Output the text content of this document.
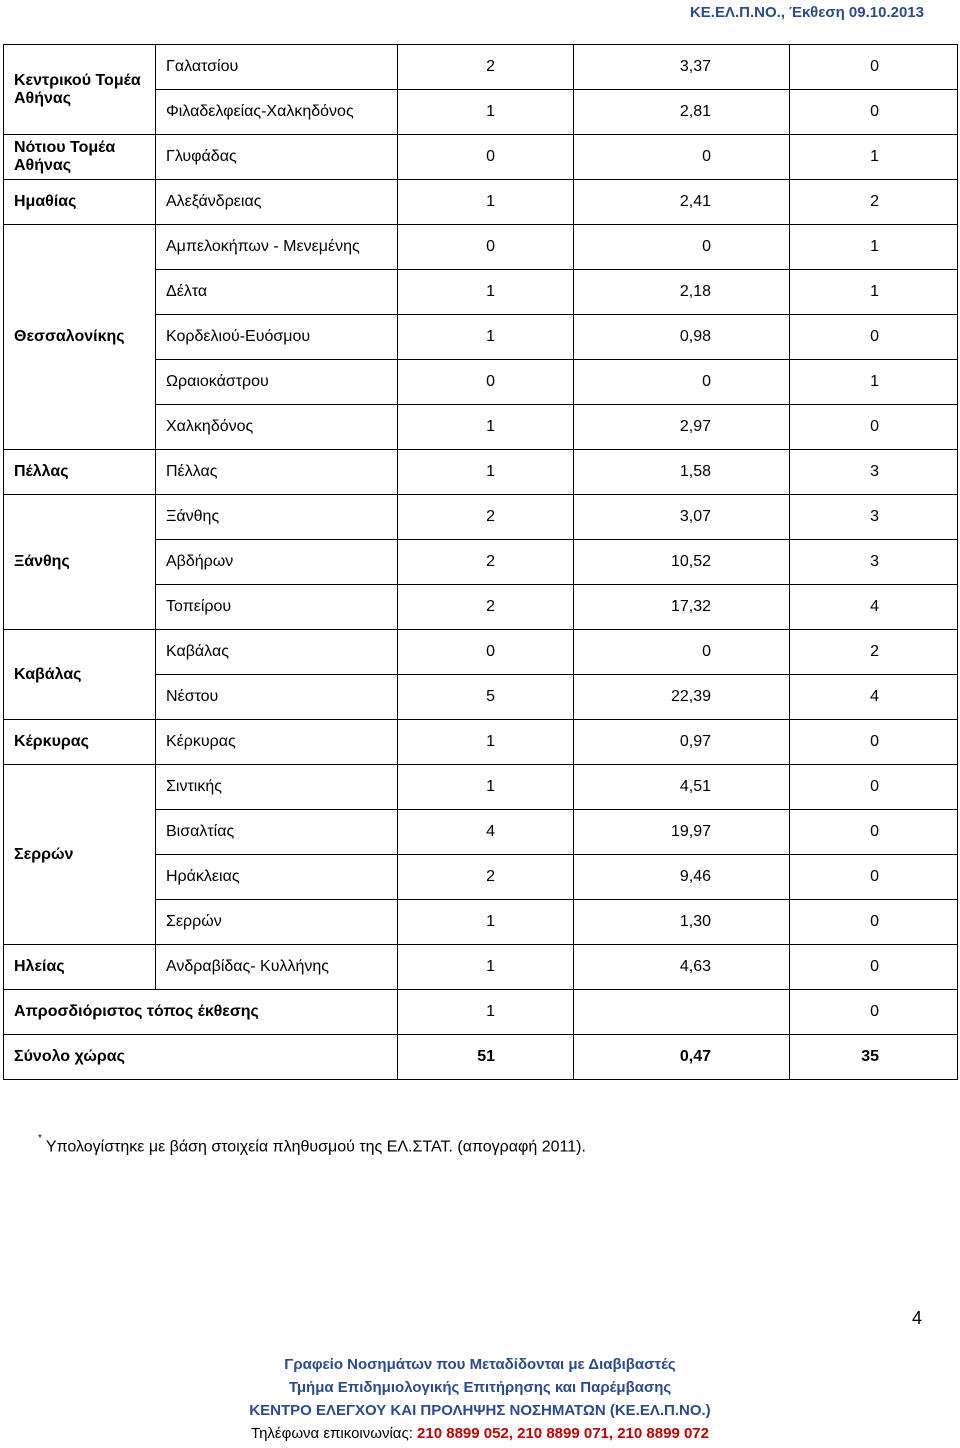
ΚΕ.ΕΛ.Π.ΝΟ., Έκθεση 09.10.2013
Κεντρικού Τομέα Αθήνας	Γαλατσίου	2	3,37	0
	Φιλαδελφείας-Χαλκηδόνος	1	2,81	0
Νότιου Τομέα Αθήνας	Γλυφάδας	0	0	1
Ημαθίας	Αλεξάνδρειας	1	2,41	2
Θεσσαλονίκης	Αμπελοκήπων - Μενεμένης	0	0	1
	Δέλτα	1	2,18	1
	Κορδελιού-Ευόσμου	1	0,98	0
	Ωραιοκάστρου	0	0	1
	Χαλκηδόνος	1	2,97	0
Πέλλας	Πέλλας	1	1,58	3
Ξάνθης	Ξάνθης	2	3,07	3
	Αβδήρων	2	10,52	3
	Τοπείρου	2	17,32	4
Καβάλας	Καβάλας	0	0	2
	Νέστου	5	22,39	4
Κέρκυρας	Κέρκυρας	1	0,97	0
Σερρών	Σιντικής	1	4,51	0
	Βισαλτίας	4	19,97	0
	Ηράκλειας	2	9,46	0
	Σερρών	1	1,30	0
Ηλείας	Ανδραβίδας- Κυλλήνης	1	4,63	0
Απροσδιόριστος τόπος έκθεσης		1		0
Σύνολο χώρας		51	0,47	35
* Υπολογίστηκε με βάση στοιχεία πληθυσμού της ΕΛ.ΣΤΑΤ. (απογραφή 2011).
4
Γραφείο Νοσημάτων που Μεταδίδονται με Διαβιβαστές
Τμήμα Επιδημιολογικής Επιτήρησης και Παρέμβασης
ΚΕΝΤΡΟ ΕΛΕΓΧΟΥ ΚΑΙ ΠΡΟΛΗΨΗΣ ΝΟΣΗΜΑΤΩΝ (ΚΕ.ΕΛ.Π.ΝΟ.)
Τηλέφωνα επικοινωνίας: 210 8899 052, 210 8899 071, 210 8899 072
